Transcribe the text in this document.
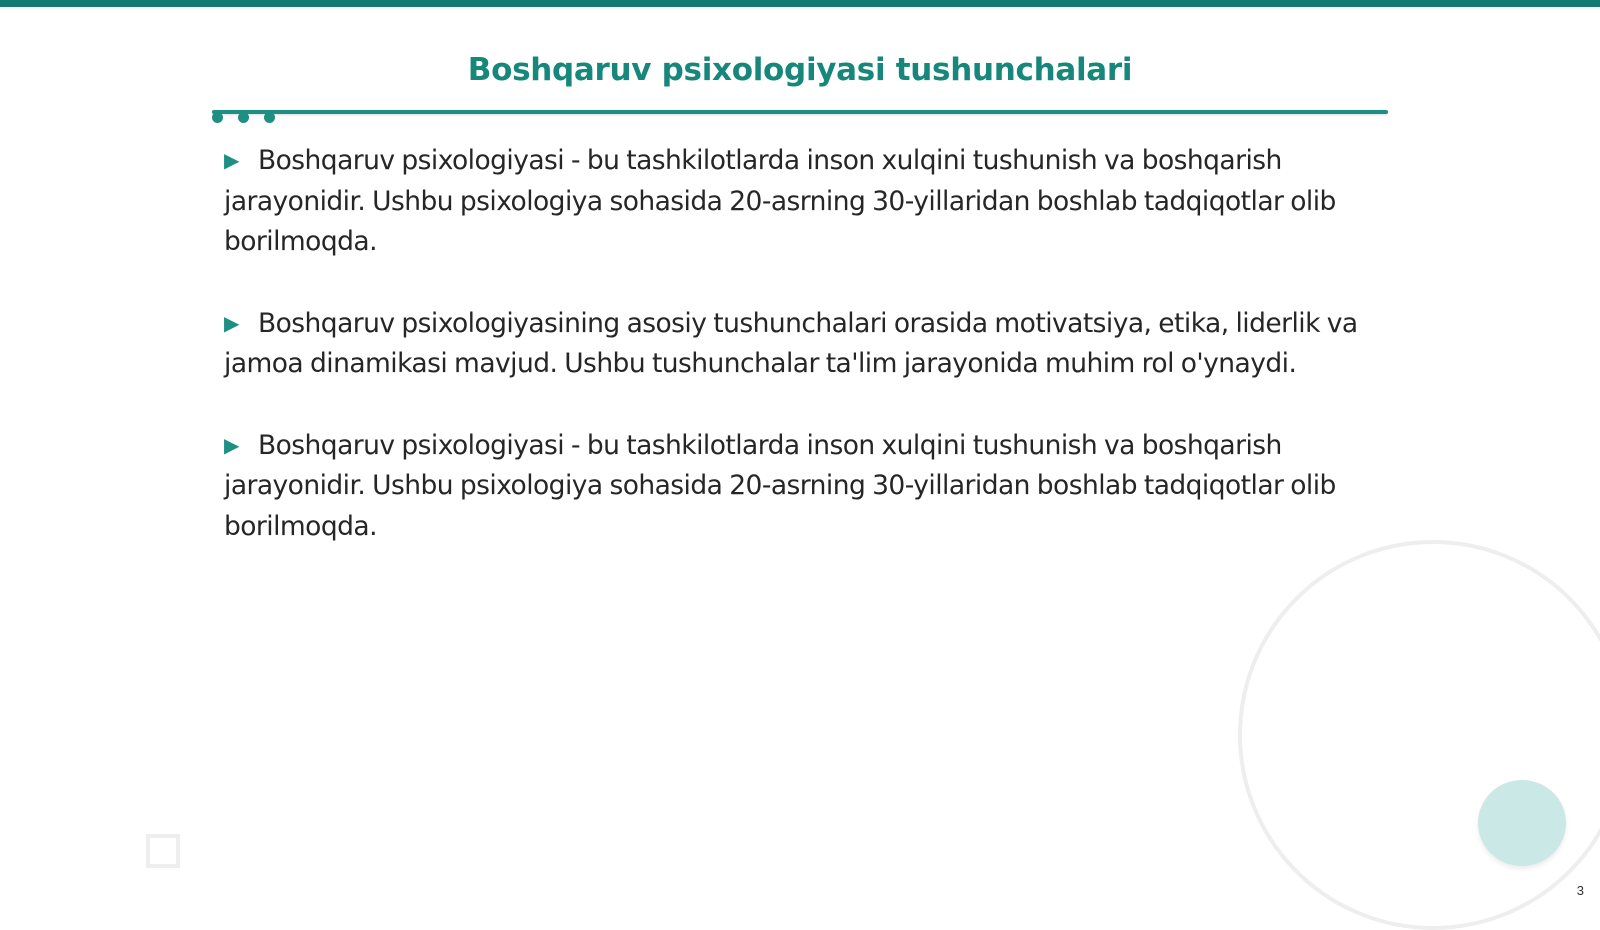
Boshqaruv psixologiyasi tushunchalari

▶ Boshqaruv psixologiyasi - bu tashkilotlarda inson xulqini tushunish va boshqarish jarayonidir. Ushbu psixologiya sohasida 20-asrning 30-yillaridan boshlab tadqiqotlar olib borilmoqda.

▶ Boshqaruv psixologiyasining asosiy tushunchalari orasida motivatsiya, etika, liderlik va jamoa dinamikasi mavjud. Ushbu tushunchalar ta'lim jarayonida muhim rol o'ynaydi.

▶ Boshqaruv psixologiyasi - bu tashkilotlarda inson xulqini tushunish va boshqarish jarayonidir. Ushbu psixologiya sohasida 20-asrning 30-yillaridan boshlab tadqiqotlar olib borilmoqda.

3
